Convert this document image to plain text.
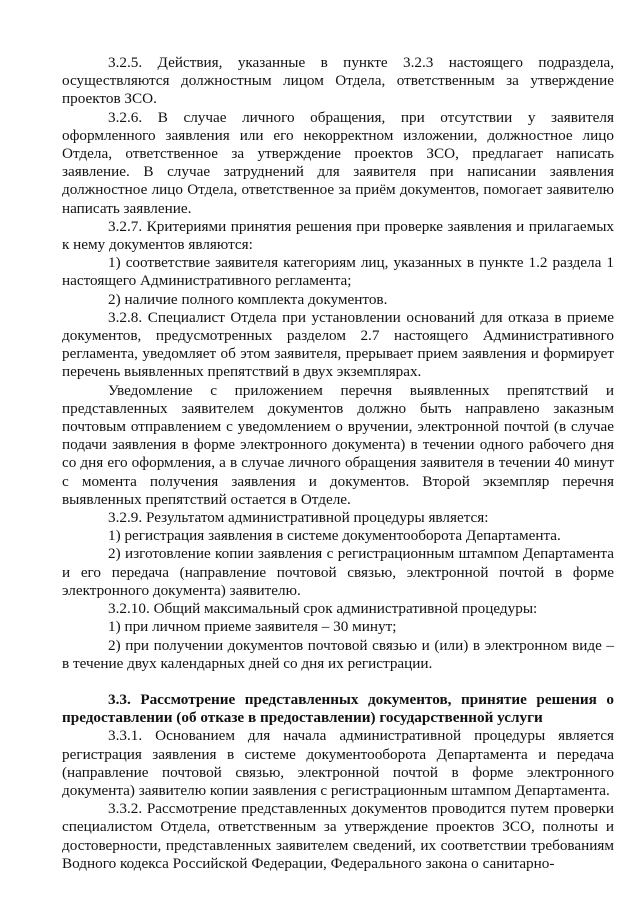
3.2.5. Действия, указанные в пункте 3.2.3 настоящего подраздела, осуществляются должностным лицом Отдела, ответственным за утверждение проектов ЗСО.

3.2.6. В случае личного обращения, при отсутствии у заявителя оформленного заявления или его некорректном изложении, должностное лицо Отдела, ответственное за утверждение проектов ЗСО, предлагает написать заявление. В случае затруднений для заявителя при написании заявления должностное лицо Отдела, ответственное за приём документов, помогает заявителю написать заявление.

3.2.7. Критериями принятия решения при проверке заявления и прилагаемых к нему документов являются:

1) соответствие заявителя категориям лиц, указанных в пункте 1.2 раздела 1 настоящего Административного регламента;

2) наличие полного комплекта документов.

3.2.8. Специалист Отдела при установлении оснований для отказа в приеме документов, предусмотренных разделом 2.7 настоящего Административного регламента, уведомляет об этом заявителя, прерывает прием заявления и формирует перечень выявленных препятствий в двух экземплярах.

Уведомление с приложением перечня выявленных препятствий и представленных заявителем документов должно быть направлено заказным почтовым отправлением с уведомлением о вручении, электронной почтой (в случае подачи заявления в форме электронного документа) в течении одного рабочего дня со дня его оформления, а в случае личного обращения заявителя в течении 40 минут с момента получения заявления и документов. Второй экземпляр перечня выявленных препятствий остается в Отделе.

3.2.9. Результатом административной процедуры является:

1) регистрация заявления в системе документооборота Департамента.

2) изготовление копии заявления с регистрационным штампом Департамента и его передача (направление почтовой связью, электронной почтой в форме электронного документа) заявителю.

3.2.10. Общий максимальный срок административной процедуры:

1) при личном приеме заявителя – 30 минут;

2) при получении документов почтовой связью и (или) в электронном виде – в течение двух календарных дней со дня их регистрации.

3.3. Рассмотрение представленных документов, принятие решения о предоставлении (об отказе в предоставлении) государственной услуги

3.3.1. Основанием для начала административной процедуры является регистрация заявления в системе документооборота Департамента и передача (направление почтовой связью, электронной почтой в форме электронного документа) заявителю копии заявления с регистрационным штампом Департамента.

3.3.2. Рассмотрение представленных документов проводится путем проверки специалистом Отдела, ответственным за утверждение проектов ЗСО, полноты и достоверности, представленных заявителем сведений, их соответствии требованиям Водного кодекса Российской Федерации, Федерального закона о санитарно-
